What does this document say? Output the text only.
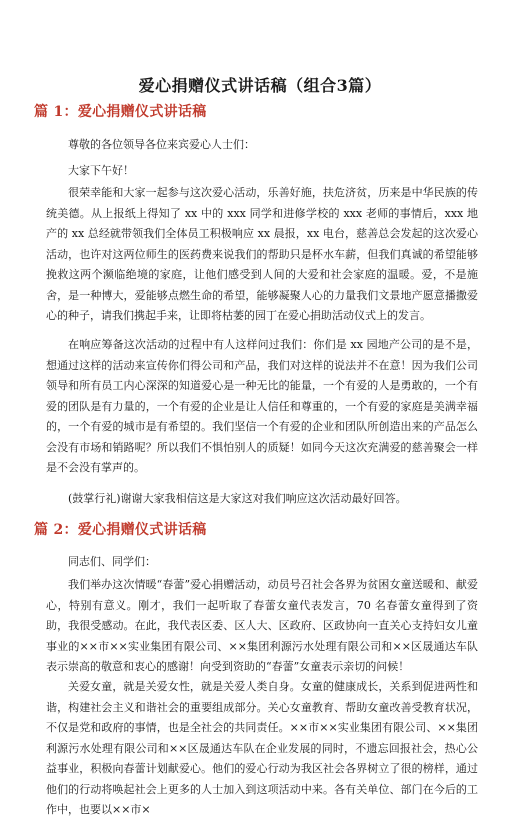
爱心捐赠仪式讲话稿（组合3篇）
篇 1：爱心捐赠仪式讲话稿
尊敬的各位领导各位来宾爱心人士们：
大家下午好！
很荣幸能和大家一起参与这次爱心活动，乐善好施，扶危济贫，历来是中华民族的传统美德。从上报纸上得知了 xx 中的 xxx 同学和进修学校的 xxx 老师的事情后，xxx 地产的 xx 总经就带领我们全体员工积极响应 xx 晨报，xx 电台，慈善总会发起的这次爱心活动，也许对这两位师生的医药费来说我们的帮助只是杯水车薪，但我们真诚的希望能够挽救这两个濒临绝境的家庭，让他们感受到人间的大爱和社会家庭的温暖。爱，不是施舍，是一种博大，爱能够点燃生命的希望，能够凝聚人心的力量我们文景地产愿意播撒爱心的种子，请我们携起手来，让即将枯萎的园丁在爱心捐助活动仪式上的发言。
在响应筹备这次活动的过程中有人这样问过我们：你们是 xx 园地产公司的是不是，想通过这样的活动来宣传你们得公司和产品，我们对这样的说法并不在意！因为我们公司领导和所有员工内心深深的知道爱心是一种无比的能量，一个有爱的人是勇敢的，一个有爱的团队是有力量的，一个有爱的企业是让人信任和尊重的，一个有爱的家庭是美满幸福的，一个有爱的城市是有希望的。我们坚信一个有爱的企业和团队所创造出来的产品怎么会没有市场和销路呢？所以我们不惧怕别人的质疑！如同今天这次充满爱的慈善聚会一样是不会没有掌声的。
(鼓掌行礼)谢谢大家我相信这是大家这对我们响应这次活动最好回答。
篇 2：爱心捐赠仪式讲话稿
同志们、同学们：
我们举办这次情暖“春蕾”爱心捐赠活动，动员号召社会各界为贫困女童送暖和、献爱心，特别有意义。刚才，我们一起听取了春蕾女童代表发言，70 名春蕾女童得到了资助，我很受感动。在此，我代表区委、区人大、区政府、区政协向一直关心支持妇女儿童事业的××市××实业集团有限公司、××集团利源污水处理有限公司和××区晟通达车队表示崇高的敬意和衷心的感谢！向受到资助的“春蕾”女童表示亲切的问候！
关爱女童，就是关爱女性，就是关爱人类自身。女童的健康成长，关系到促进两性和谐，构建社会主义和谐社会的重要组成部分。关心女童教育、帮助女童改善受教育状况，不仅是党和政府的事情，也是全社会的共同责任。××市××实业集团有限公司、××集团利源污水处理有限公司和××区晟通达车队在企业发展的同时，不遗忘回报社会，热心公益事业，积极向春蕾计划献爱心。他们的爱心行动为我区社会各界树立了很的榜样，通过他们的行动将唤起社会上更多的人士加入到这项活动中来。各有关单位、部门在今后的工作中，也要以××市×
